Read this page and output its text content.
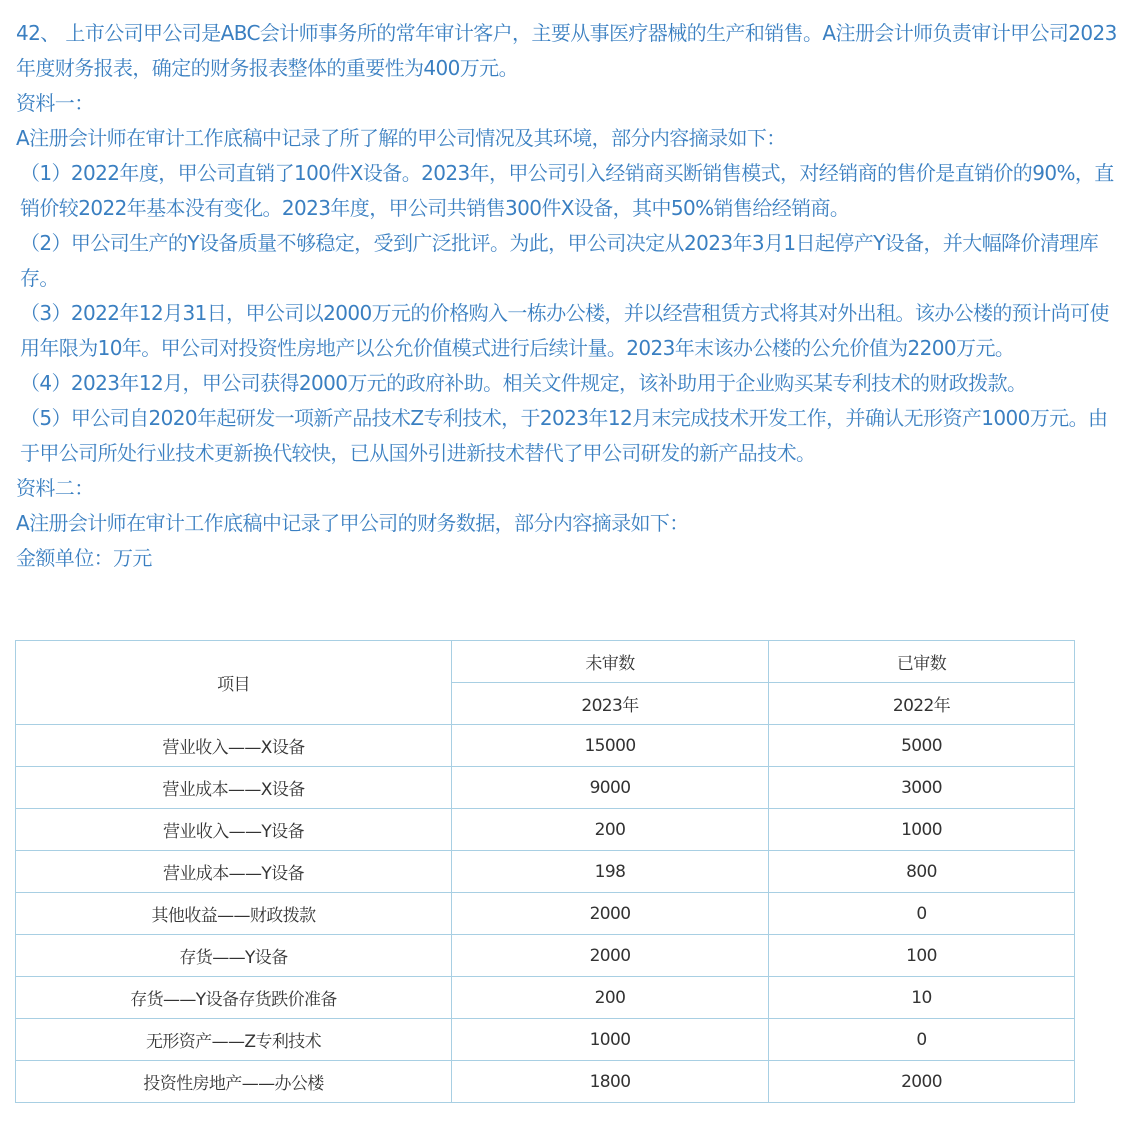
42、 上市公司甲公司是ABC会计师事务所的常年审计客户，主要从事医疗器械的生产和销售。A注册会计师负责审计甲公司2023年度财务报表，确定的财务报表整体的重要性为400万元。

资料一：

A注册会计师在审计工作底稿中记录了所了解的甲公司情况及其环境，部分内容摘录如下：

（1）2022年度，甲公司直销了100件X设备。2023年，甲公司引入经销商买断销售模式，对经销商的售价是直销价的90%，直销价较2022年基本没有变化。2023年度，甲公司共销售300件X设备，其中50%销售给经销商。

（2）甲公司生产的Y设备质量不够稳定，受到广泛批评。为此，甲公司决定从2023年3月1日起停产Y设备，并大幅降价清理库存。

（3）2022年12月31日，甲公司以2000万元的价格购入一栋办公楼，并以经营租赁方式将其对外出租。该办公楼的预计尚可使用年限为10年。甲公司对投资性房地产以公允价值模式进行后续计量。2023年末该办公楼的公允价值为2200万元。

（4）2023年12月，甲公司获得2000万元的政府补助。相关文件规定，该补助用于企业购买某专利技术的财政拨款。

（5）甲公司自2020年起研发一项新产品技术Z专利技术，于2023年12月末完成技术开发工作，并确认无形资产1000万元。由于甲公司所处行业技术更新换代较快，已从国外引进新技术替代了甲公司研发的新产品技术。

资料二：

A注册会计师在审计工作底稿中记录了甲公司的财务数据，部分内容摘录如下：

金额单位：万元

项目	未审数	已审数
	2023年	2022年
营业收入——X设备	15000	5000
营业成本——X设备	9000	3000
营业收入——Y设备	200	1000
营业成本——Y设备	198	800
其他收益——财政拨款	2000	0
存货——Y设备	2000	100
存货——Y设备存货跌价准备	200	10
无形资产——Z专利技术	1000	0
投资性房地产——办公楼	1800	2000
